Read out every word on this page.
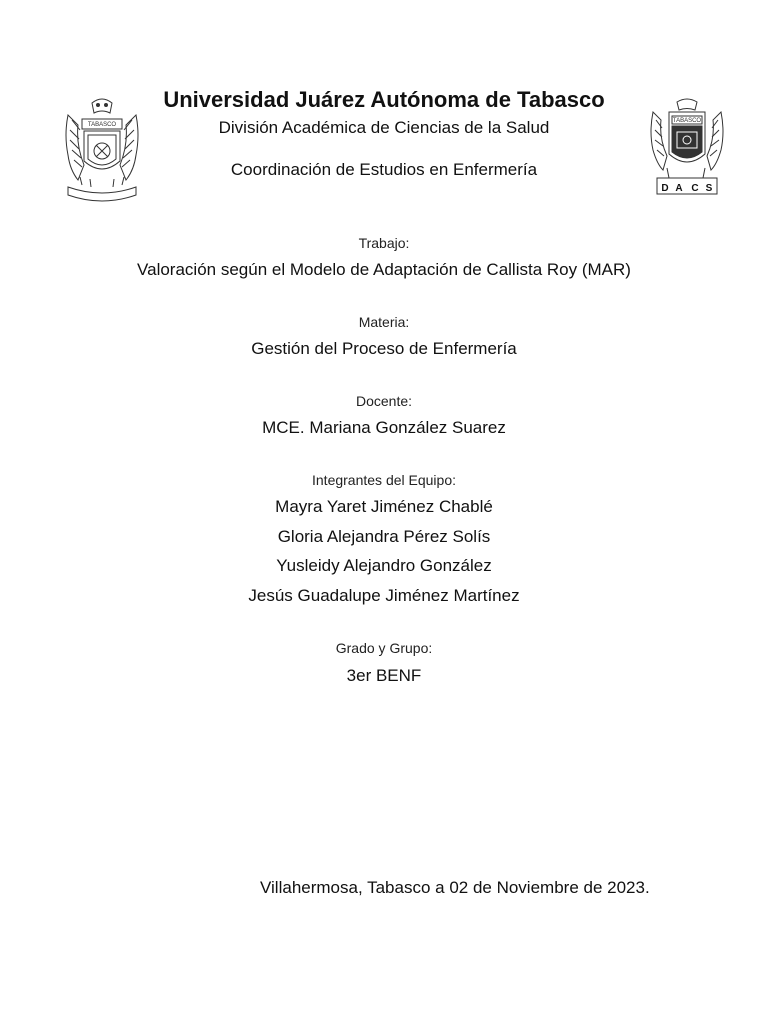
TABASCO
TABASCO
D A C S
Universidad Juárez Autónoma de Tabasco
División Académica de Ciencias de la Salud
Coordinación de Estudios en Enfermería
Trabajo:
Valoración según el Modelo de Adaptación de Callista Roy (MAR)
Materia:
Gestión del Proceso de Enfermería
Docente:
MCE. Mariana González Suarez
Integrantes del Equipo:
Mayra Yaret Jiménez Chablé
Gloria Alejandra Pérez Solís
Yusleidy Alejandro González
Jesús Guadalupe Jiménez Martínez
Grado y Grupo:
3er BENF
Villahermosa, Tabasco a 02 de Noviembre de 2023.
